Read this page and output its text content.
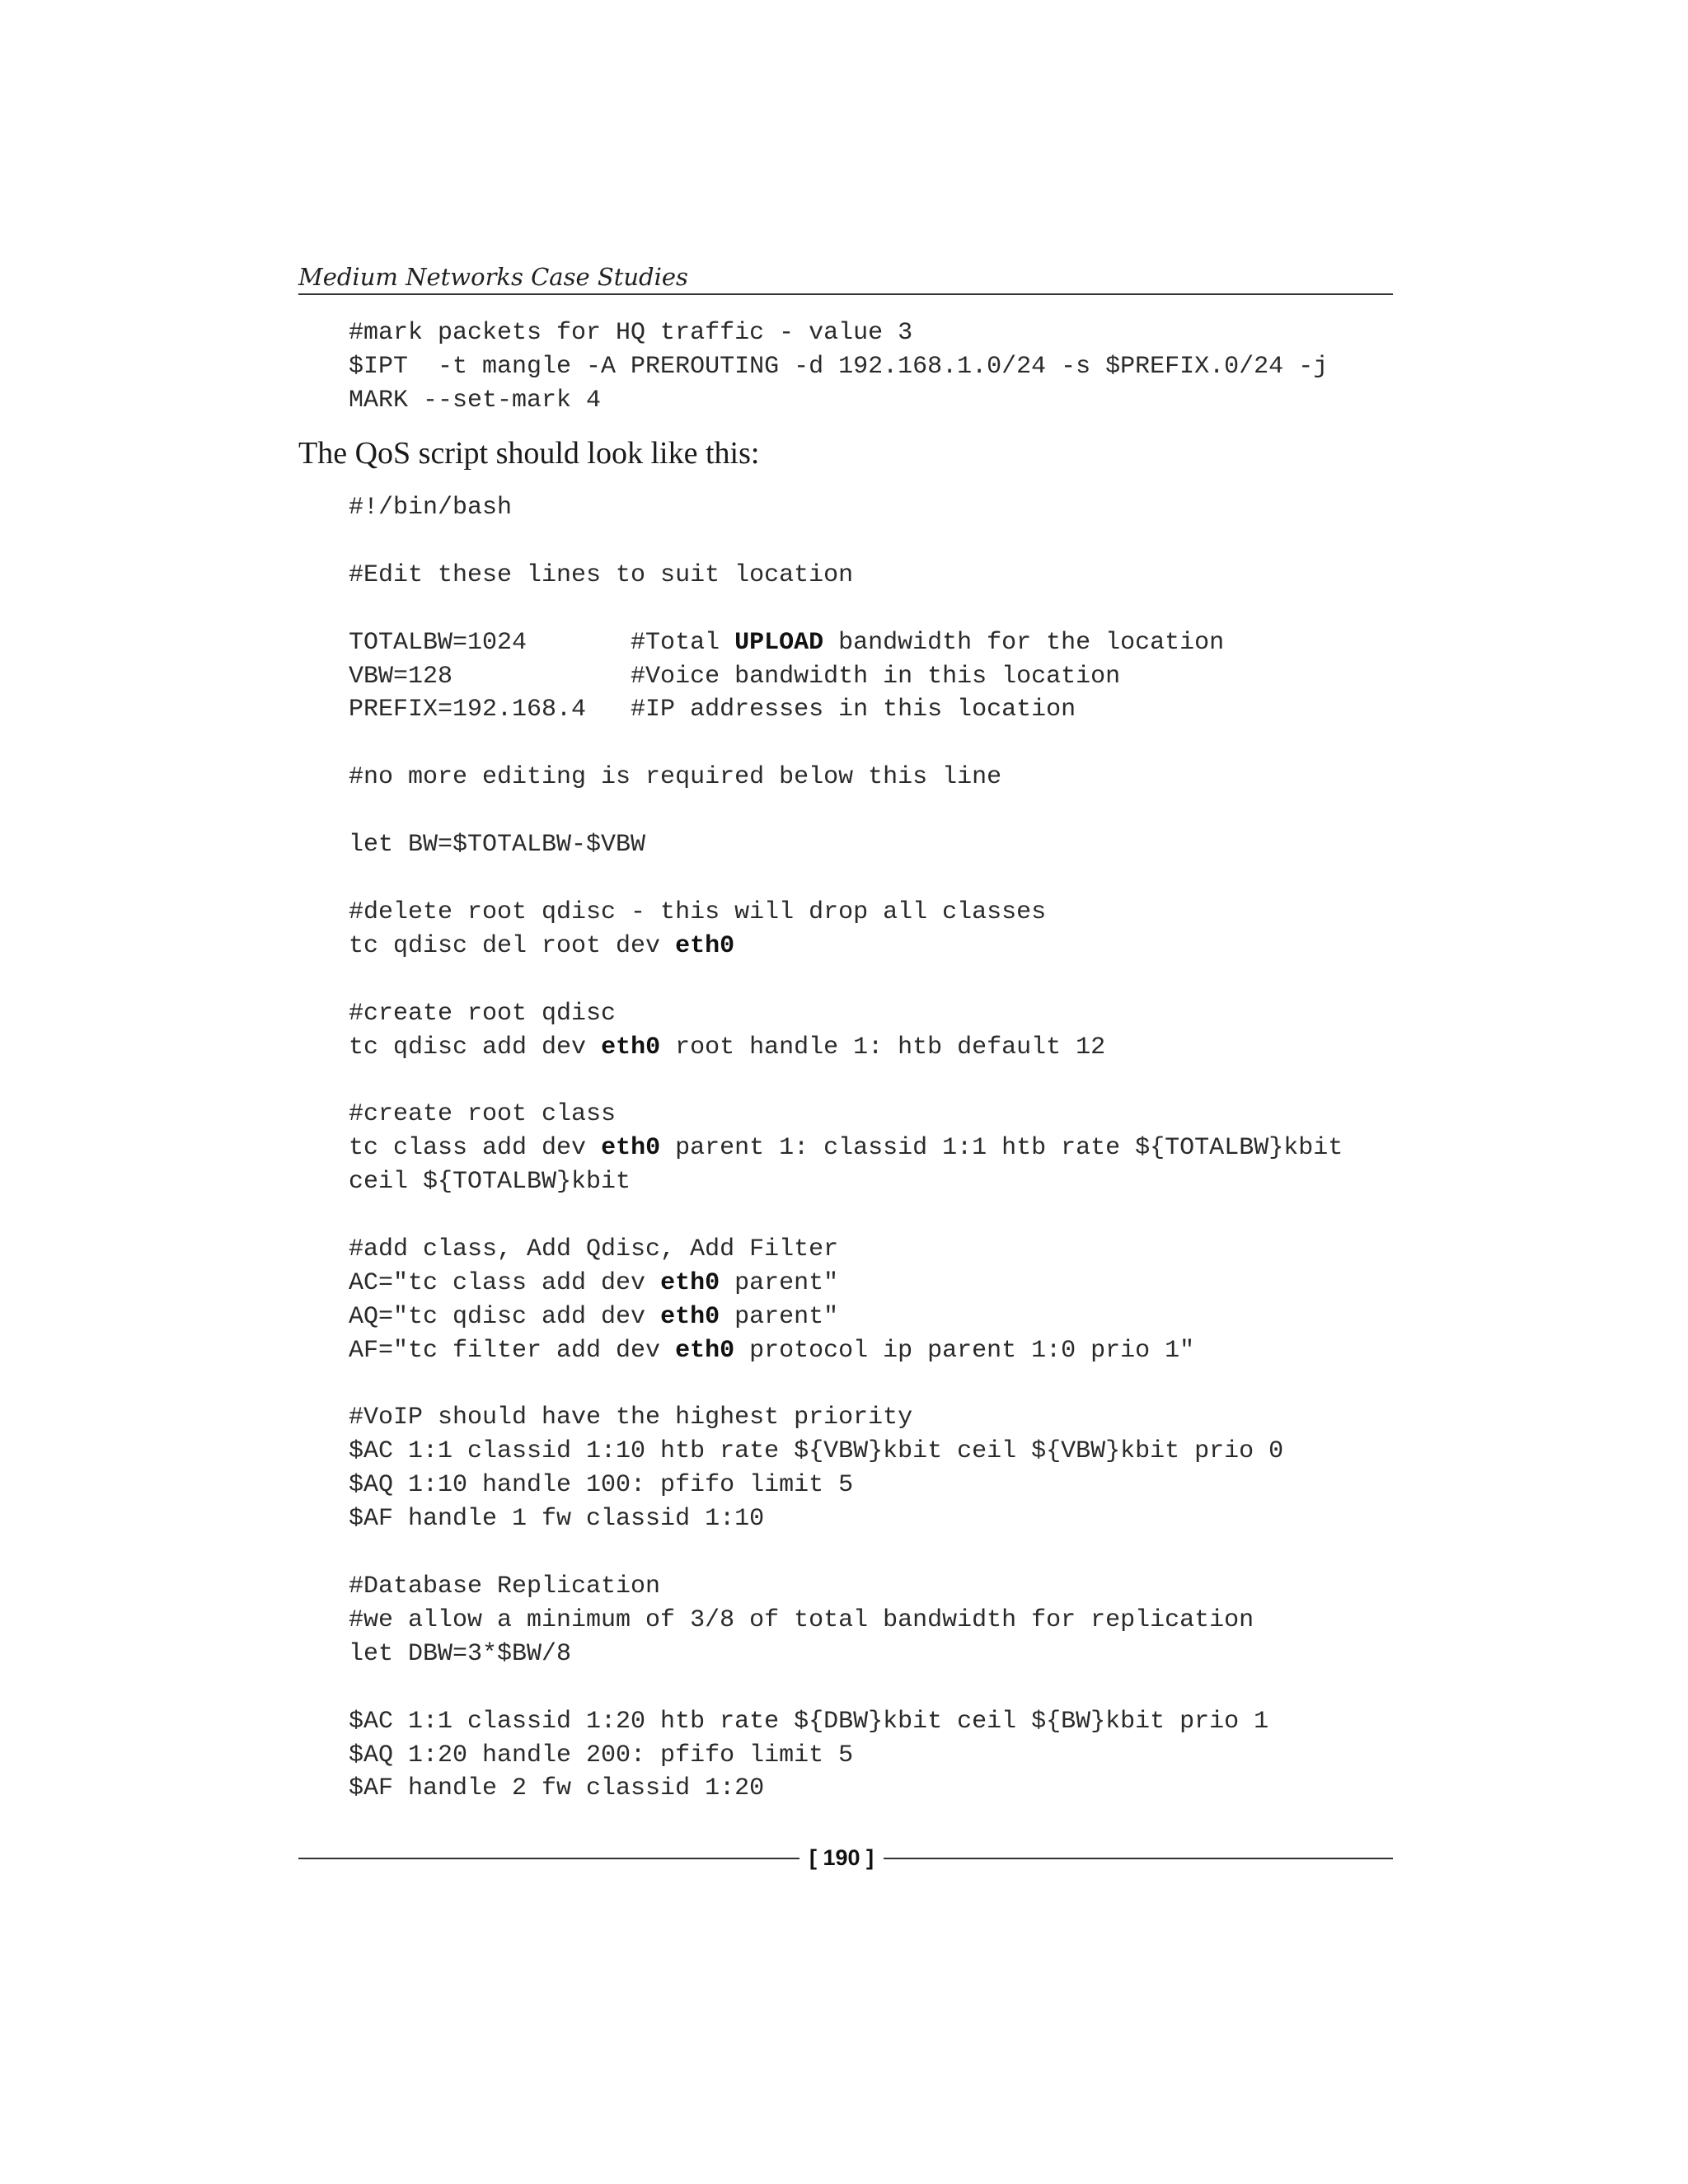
Medium Networks Case Studies
#mark packets for HQ traffic - value 3
$IPT  -t mangle -A PREROUTING -d 192.168.1.0/24 -s $PREFIX.0/24 -j
MARK --set-mark 4
The QoS script should look like this:
#!/bin/bash

#Edit these lines to suit location

TOTALBW=1024       #Total UPLOAD bandwidth for the location
VBW=128            #Voice bandwidth in this location
PREFIX=192.168.4   #IP addresses in this location

#no more editing is required below this line

let BW=$TOTALBW-$VBW

#delete root qdisc - this will drop all classes
tc qdisc del root dev eth0

#create root qdisc
tc qdisc add dev eth0 root handle 1: htb default 12

#create root class
tc class add dev eth0 parent 1: classid 1:1 htb rate ${TOTALBW}kbit
ceil ${TOTALBW}kbit

#add class, Add Qdisc, Add Filter
AC="tc class add dev eth0 parent"
AQ="tc qdisc add dev eth0 parent"
AF="tc filter add dev eth0 protocol ip parent 1:0 prio 1"

#VoIP should have the highest priority
$AC 1:1 classid 1:10 htb rate ${VBW}kbit ceil ${VBW}kbit prio 0
$AQ 1:10 handle 100: pfifo limit 5
$AF handle 1 fw classid 1:10

#Database Replication
#we allow a minimum of 3/8 of total bandwidth for replication
let DBW=3*$BW/8

$AC 1:1 classid 1:20 htb rate ${DBW}kbit ceil ${BW}kbit prio 1
$AQ 1:20 handle 200: pfifo limit 5
$AF handle 2 fw classid 1:20
[ 190 ]
